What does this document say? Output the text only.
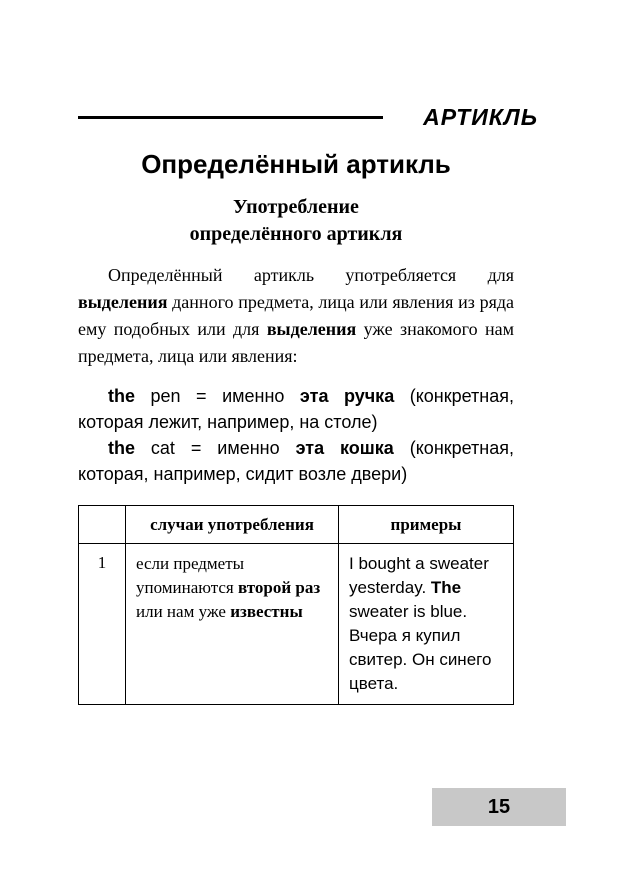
АРТИКЛЬ
Определённый артикль
Употребление
определённого артикля

Определённый артикль употребляется для выделения данного предмета, лица или явления из ряда ему подобных или для выделения уже знакомого нам предмета, лица или явления:

the pen = именно эта ручка (конкретная, которая лежит, например, на столе)

the cat = именно эта кошка (конкретная, которая, например, сидит возле двери)

	случаи употребления	примеры
1	если предметы упоминаются второй раз или нам уже известны	I bought a sweater yesterday. The sweater is blue. Вчера я купил свитер. Он синего цвета.
15
